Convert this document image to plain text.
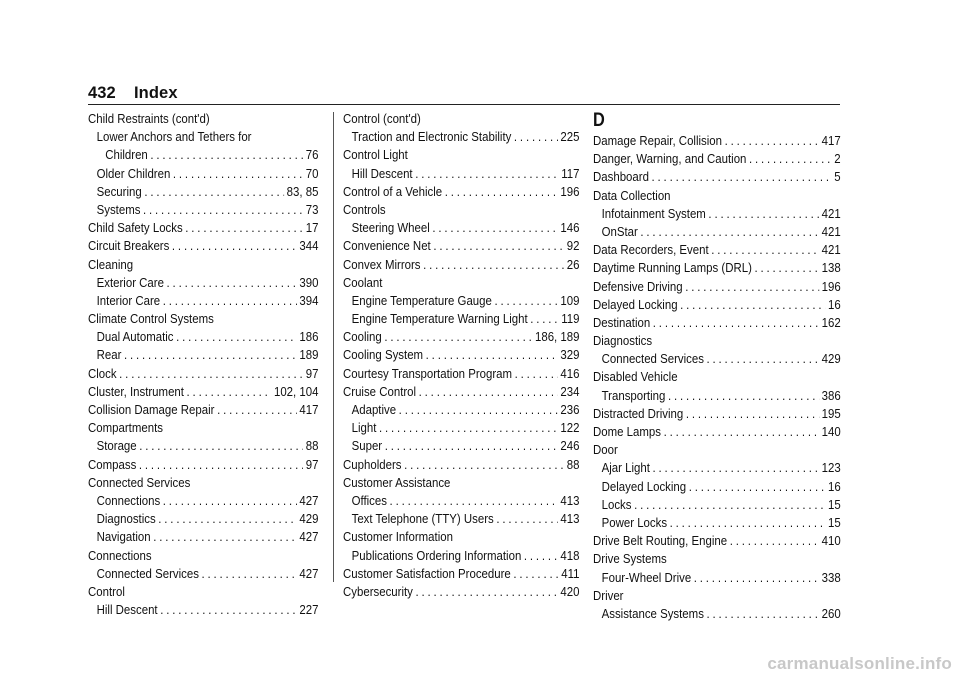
432 Index
Child Restraints (cont'd)
Lower Anchors and Tethers for
Children . . .	76
Older Children . . .	70
Securing . . .	83, 85
Systems . . .	73
Child Safety Locks . . .	17
Circuit Breakers . . .	344
Cleaning
Exterior Care . . .	390
Interior Care . . .	394
Climate Control Systems
Dual Automatic . . .	186
Rear . . .	189
Clock . . .	97
Cluster, Instrument . . .	102, 104
Collision Damage Repair . . .	417
Compartments
Storage . . .	88
Compass . . .	97
Connected Services
Connections . . .	427
Diagnostics . . .	429
Navigation . . .	427
Connections
Connected Services . . .	427
Control
Hill Descent . . .	227
Control (cont'd)
Traction and Electronic Stability . . .	225
Control Light
Hill Descent . . .	117
Control of a Vehicle . . .	196
Controls
Steering Wheel . . .	146
Convenience Net . . .	92
Convex Mirrors . . .	26
Coolant
Engine Temperature Gauge . . .	109
Engine Temperature Warning Light . . .	119
Cooling . . .	186, 189
Cooling System . . .	329
Courtesy Transportation Program . . .	416
Cruise Control . . .	234
Adaptive . . .	236
Light . . .	122
Super . . .	246
Cupholders . . .	88
Customer Assistance
Offices . . .	413
Text Telephone (TTY) Users . . .	413
Customer Information
Publications Ordering Information . . .	418
Customer Satisfaction Procedure . . .	411
Cybersecurity . . .	420
D
Damage Repair, Collision . . .	417
Danger, Warning, and Caution . . .	2
Dashboard . . .	5
Data Collection
Infotainment System . . .	421
OnStar . . .	421
Data Recorders, Event . . .	421
Daytime Running Lamps (DRL) . . .	138
Defensive Driving . . .	196
Delayed Locking . . .	16
Destination . . .	162
Diagnostics
Connected Services . . .	429
Disabled Vehicle
Transporting . . .	386
Distracted Driving . . .	195
Dome Lamps . . .	140
Door
Ajar Light . . .	123
Delayed Locking . . .	16
Locks . . .	15
Power Locks . . .	15
Drive Belt Routing, Engine . . .	410
Drive Systems
Four-Wheel Drive . . .	338
Driver
Assistance Systems . . .	260
carmanualsonline.info
